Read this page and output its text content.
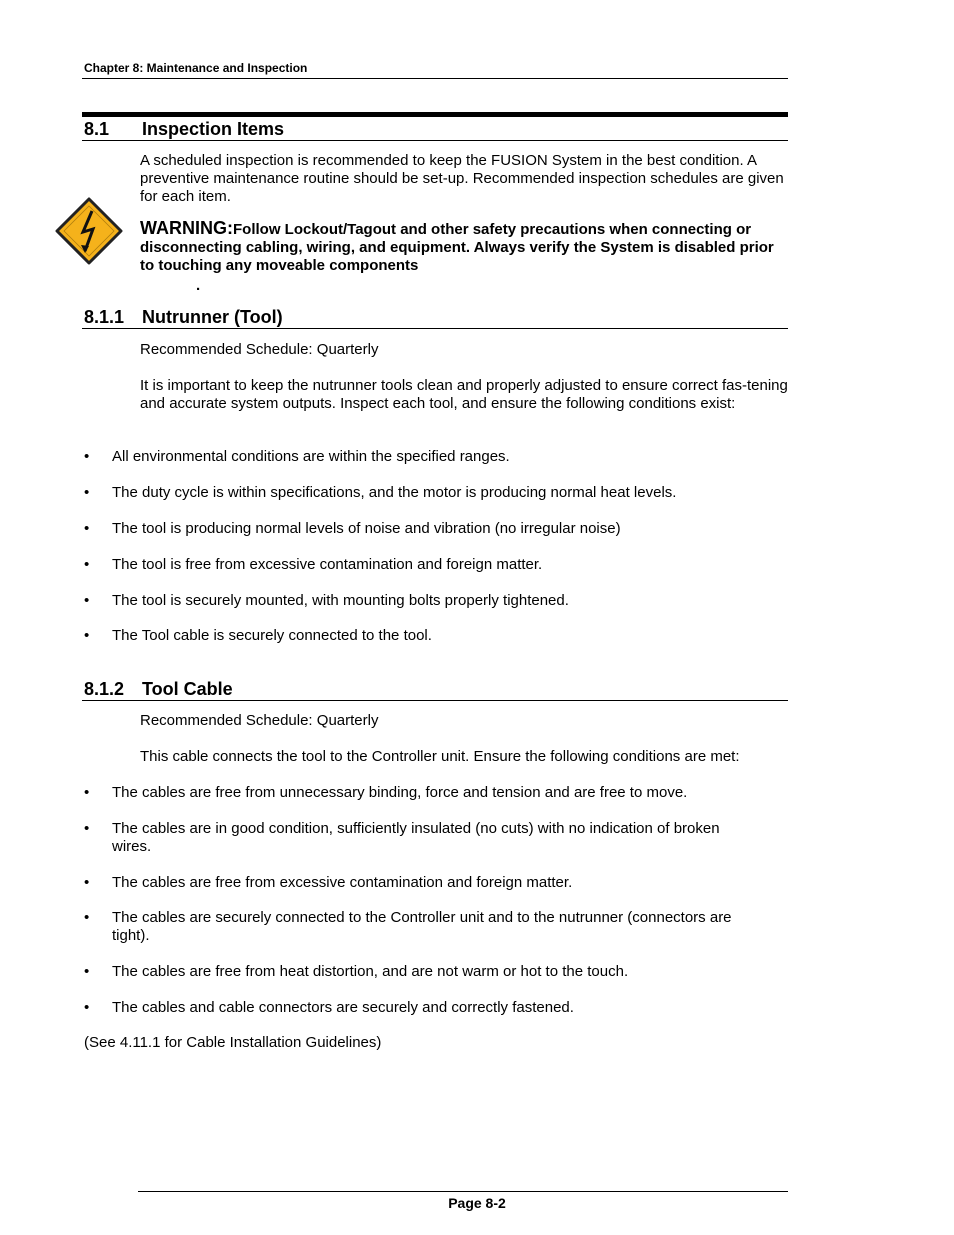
Chapter 8: Maintenance and Inspection
8.1 Inspection Items
A scheduled inspection is recommended to keep the FUSION System in the best condition. A preventive maintenance routine should be set-up. Recommended inspection schedules are given for each item.
WARNING:Follow Lockout/Tagout and other safety precautions when connecting or disconnecting cabling, wiring, and equipment. Always verify the System is disabled prior to touching any moveable components
.
8.1.1 Nutrunner (Tool)
Recommended Schedule: Quarterly
It is important to keep the nutrunner tools clean and properly adjusted to ensure correct fas-tening and accurate system outputs. Inspect each tool, and ensure the following conditions exist:
• All environmental conditions are within the specified ranges.
• The duty cycle is within specifications, and the motor is producing normal heat levels.
• The tool is producing normal levels of noise and vibration (no irregular noise)
• The tool is free from excessive contamination and foreign matter.
• The tool is securely mounted, with mounting bolts properly tightened.
• The Tool cable is securely connected to the tool.
8.1.2 Tool Cable
Recommended Schedule: Quarterly
This cable connects the tool to the Controller unit. Ensure the following conditions are met:
• The cables are free from unnecessary binding, force and tension and are free to move.
• The cables are in good condition, sufficiently insulated (no cuts) with no indication of broken wires.
• The cables are free from excessive contamination and foreign matter.
• The cables are securely connected to the Controller unit and to the nutrunner (connectors are tight).
• The cables are free from heat distortion, and are not warm or hot to the touch.
• The cables and cable connectors are securely and correctly fastened.
(See 4.11.1 for Cable Installation Guidelines)
Page 8-2
